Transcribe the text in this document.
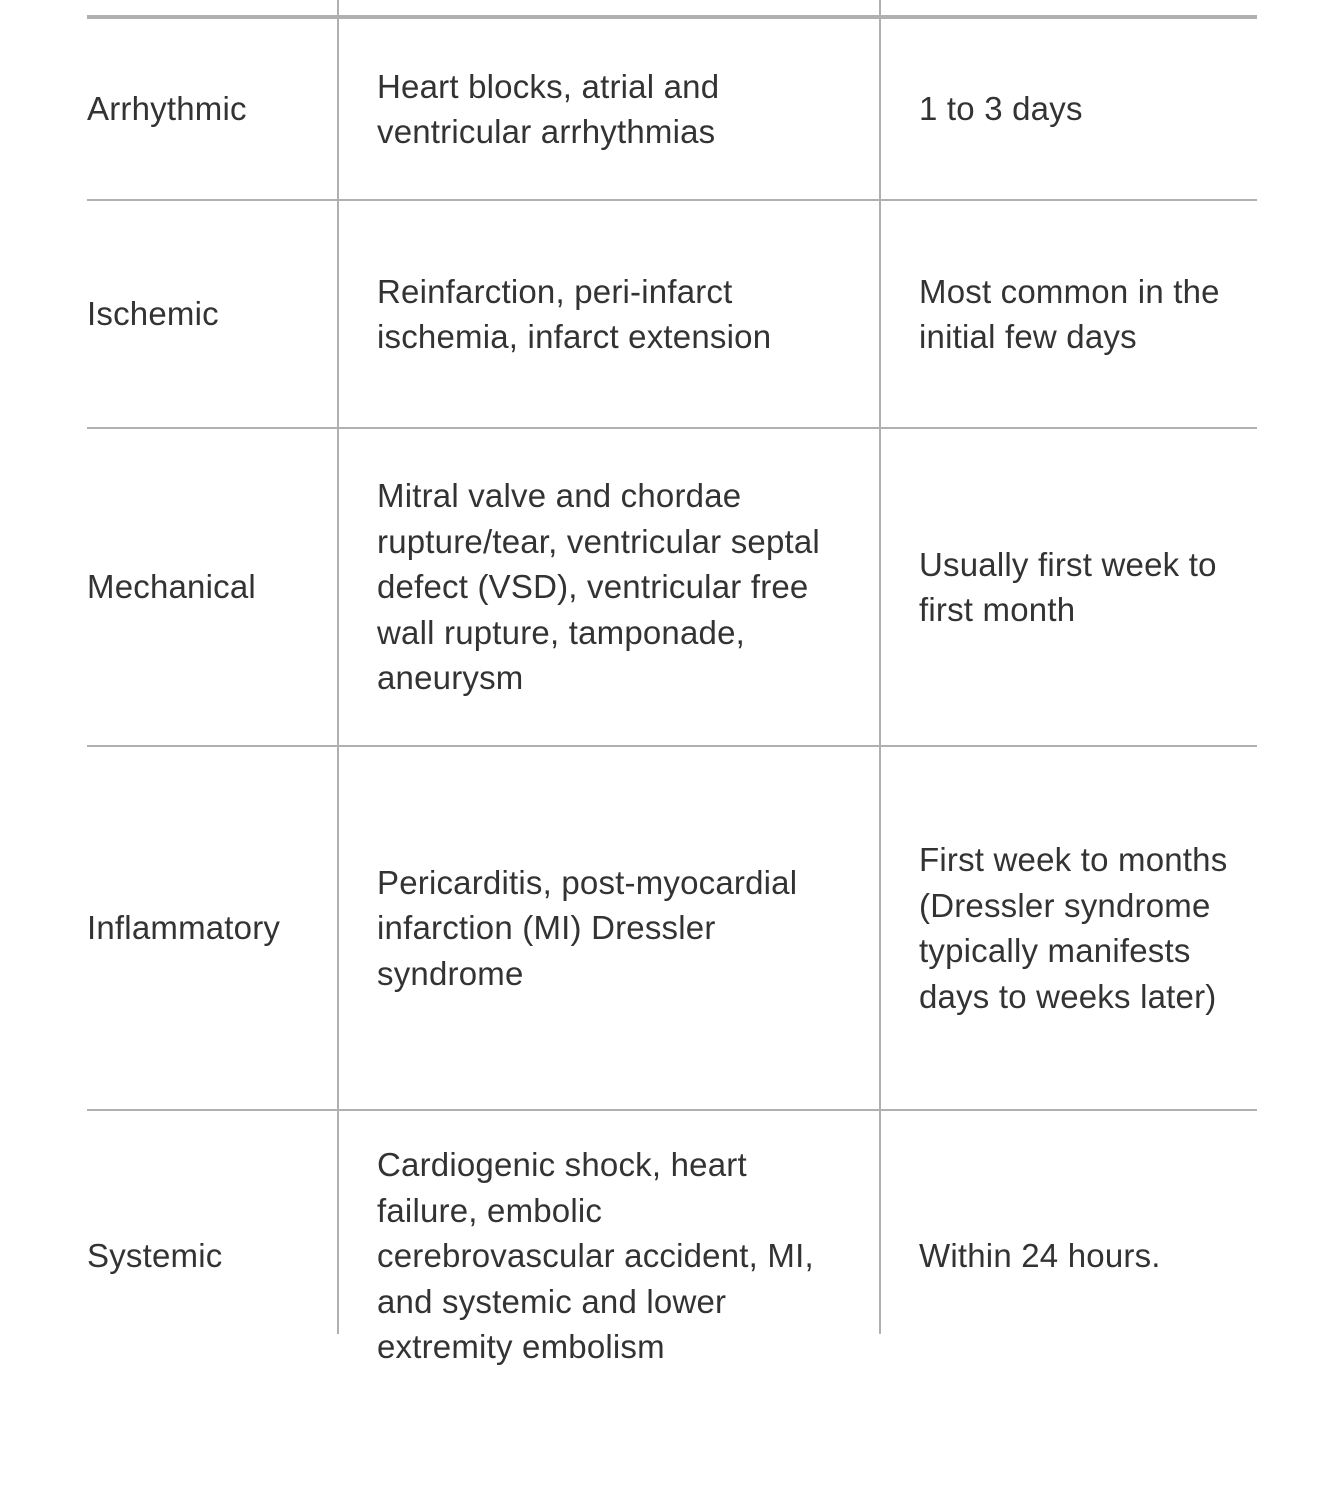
Arrhythmic
Heart blocks, atrial and ventricular arrhythmias
1 to 3 days
Ischemic
Reinfarction, peri-infarct ischemia, infarct extension
Most common in the initial few days
Mechanical
Mitral valve and chordae rupture/tear, ventricular septal defect (VSD), ventricular free wall rupture, tamponade, aneurysm
Usually first week to first month
Inflammatory
Pericarditis, post-myocardial infarction (MI) Dressler syndrome
First week to months (Dressler syndrome typically manifests days to weeks later)
Systemic
Cardiogenic shock, heart failure, embolic cerebrovascular accident, MI, and systemic and lower extremity embolism
Within 24 hours.
